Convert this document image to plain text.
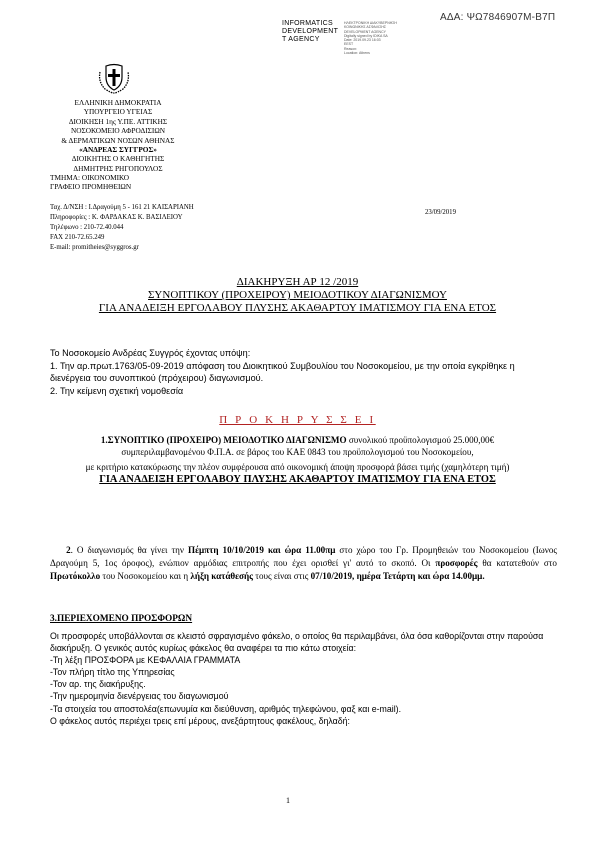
ΑΔΑ: ΨΩ7846907Μ-Β7Π
INFORMATICS
DEVELOPMENT
T AGENCY
ΗΛΕΚΤΡΟΝΙΚΗ ΔΙΑΚΥΒΕΡΝΗΣΗ
ΚΟΙΝΩΝΙΚΗΣ ΑΣΦΑΛΙΣΗΣ
DEVELOPMENT AGENCY
Digitally signed by IDIKA SA
Date: 2019.09.23 16:03
EEST
Reason:
Location: Athens
ΕΛΛΗΝΙΚΗ ΔΗΜΟΚΡΑΤΙΑ
ΥΠΟΥΡΓΕΙΟ ΥΓΕΙΑΣ
ΔΙΟΙΚΗΣΗ 1ης Υ.ΠΕ. ΑΤΤΙΚΗΣ
ΝΟΣΟΚΟΜΕΙΟ ΑΦΡΟΔΙΣΙΩΝ
& ΔΕΡΜΑΤΙΚΩΝ ΝΟΣΩΝ ΑΘΗΝΑΣ
«ΑΝΔΡΕΑΣ ΣΥΓΓΡΟΣ»
ΔΙΟΙΚΗΤΗΣ Ο ΚΑΘΗΓΗΤΗΣ
ΔΗΜΗΤΡΗΣ ΡΗΓΟΠΟΥΛΟΣ
ΤΜΗΜΑ: ΟΙΚΟΝΟΜΙΚΟ
ΓΡΑΦΕΙΟ ΠΡΟΜΗΘΕΙΩΝ
Ταχ. Δ/ΝΣΗ : Ι.Δραγούμη 5 - 161 21 ΚΑΙΣΑΡΙΑΝΗ
Πληροφορίες : Κ. ΦΑΡΔΑΚΑΣ Κ. ΒΑΣΙΛΕΙΟΥ
Τηλέφωνο : 210-72.40.044
FAX 210-72.65.249
E-mail: promitheies@syggros.gr
23/09/2019
ΔΙΑΚΗΡΥΞΗ ΑΡ 12 /2019
ΣΥΝΟΠΤΙΚΟΥ (ΠΡΟΧΕΙΡΟΥ) ΜΕΙΟΔΟΤΙΚΟΥ ΔΙΑΓΩΝΙΣΜΟΥ
ΓΙΑ ΑΝΑΔΕΙΞΗ ΕΡΓΟΛΑΒΟΥ ΠΛΥΣΗΣ ΑΚΑΘΑΡΤΟΥ ΙΜΑΤΙΣΜΟΥ ΓΙΑ ΕΝΑ ΕΤΟΣ
Το Νοσοκομείο Ανδρέας Συγγρός έχοντας υπόψη:
1. Την αρ.πρωτ.1763/05-09-2019 απόφαση του Διοικητικού Συμβουλίου του Νοσοκομείου, με την οποία εγκρίθηκε η διενέργεια του συνοπτικού (πρόχειρου) διαγωνισμού.
2. Την κείμενη σχετική νομοθεσία
Π Ρ Ο Κ Η Ρ Υ Σ Σ Ε Ι
1.ΣΥΝΟΠΤΙΚΟ (ΠΡΟΧΕΙΡΟ) ΜΕΙΟΔΟΤΙΚΟ ΔΙΑΓΩΝΙΣΜΟ συνολικού προϋπολογισμού 25.000,00€ συμπεριλαμβανομένου Φ.Π.Α. σε βάρος του ΚΑΕ 0843 του προϋπολογισμού του Νοσοκομείου,
με κριτήριο κατακύρωσης την πλέον συμφέρουσα από οικονομική άποψη προσφορά βάσει τιμής (χαμηλότερη τιμή)
ΓΙΑ ΑΝΑΔΕΙΞΗ ΕΡΓΟΛΑΒΟΥ ΠΛΥΣΗΣ ΑΚΑΘΑΡΤΟΥ ΙΜΑΤΙΣΜΟΥ ΓΙΑ ΕΝΑ ΕΤΟΣ
2. Ο διαγωνισμός θα γίνει την Πέμπτη 10/10/2019 και ώρα 11.00πμ στο χώρο του Γρ. Προμηθειών του Νοσοκομείου (Ιωνος Δραγούμη 5, 1ος όροφος), ενώπιον αρμόδιας επιτροπής που έχει ορισθεί γι' αυτό το σκοπό. Οι προσφορές θα κατατεθούν στο Πρωτόκολλο του Νοσοκομείου και η λήξη κατάθεσής τους είναι στις 07/10/2019, ημέρα Τετάρτη και ώρα 14.00μμ.
3.ΠΕΡΙΕΧΟΜΕΝΟ ΠΡΟΣΦΟΡΩΝ
Οι προσφορές υποβάλλονται σε κλειστό σφραγισμένο φάκελο, ο οποίος θα περιλαμβάνει, όλα όσα καθορίζονται στην παρούσα διακήρυξη. Ο γενικός αυτός κυρίως φάκελος θα αναφέρει τα πιο κάτω στοιχεία:
-Τη λέξη ΠΡΟΣΦΟΡΑ με ΚΕΦΑΛΑΙΑ ΓΡΑΜΜΑΤΑ
-Τον πλήρη τίτλο της Υπηρεσίας
-Τον αρ. της διακήρυξης.
-Την ημερομηνία διενέργειας του διαγωνισμού
-Τα στοιχεία του αποστολέα(επωνυμία και διεύθυνση, αριθμός τηλεφώνου, φαξ και e-mail).
Ο φάκελος αυτός περιέχει τρεις επί μέρους, ανεξάρτητους φακέλους, δηλαδή:
1
